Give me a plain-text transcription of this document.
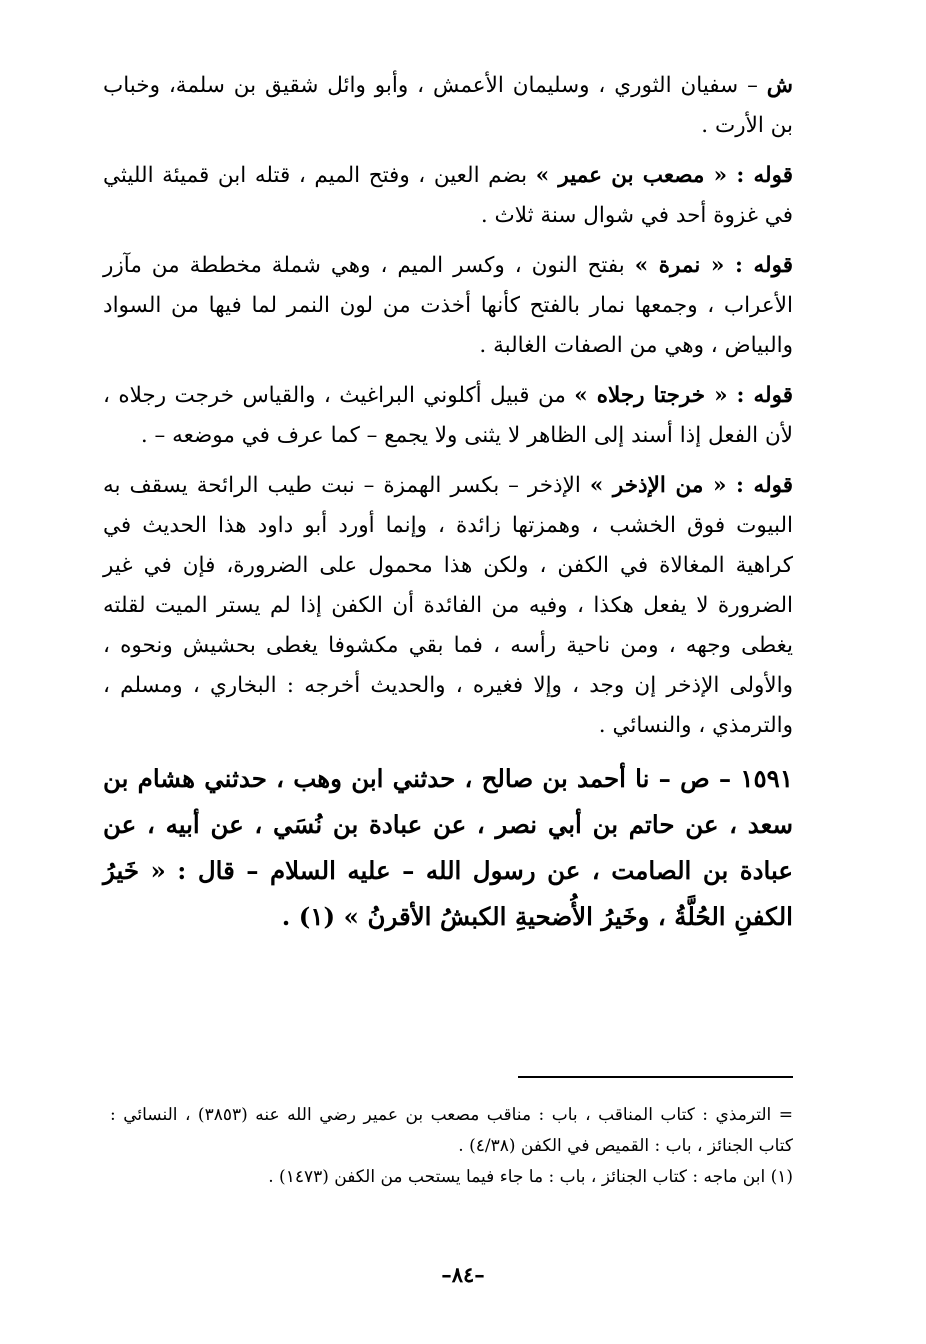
ش – سفيان الثوري ، وسليمان الأعمش ، وأبو وائل شقيق بن سلمة، وخباب بن الأرت .

قوله : « مصعب بن عمير » بضم العين ، وفتح الميم ، قتله ابن قميئة الليثي في غزوة أحد في شوال سنة ثلاث .

قوله : « نمرة » بفتح النون ، وكسر الميم ، وهي شملة مخططة من مآزر الأعراب ، وجمعها نمار بالفتح كأنها أخذت من لون النمر لما فيها من السواد والبياض ، وهي من الصفات الغالبة .

قوله : « خرجتا رجلاه » من قبيل أكلوني البراغيث ، والقياس خرجت رجلاه ، لأن الفعل إذا أسند إلى الظاهر لا يثنى ولا يجمع – كما عرف في موضعه – .

قوله : « من الإذخر » الإذخر – بكسر الهمزة – نبت طيب الرائحة يسقف به البيوت فوق الخشب ، وهمزتها زائدة ، وإنما أورد أبو داود هذا الحديث في كراهية المغالاة في الكفن ، ولكن هذا محمول على الضرورة، فإن في غير الضرورة لا يفعل هكذا ، وفيه من الفائدة أن الكفن إذا لم يستر الميت لقلته يغطى وجهه ، ومن ناحية رأسه ، فما بقي مكشوفا يغطى بحشيش ونحوه ، والأولى الإذخر إن وجد ، وإلا فغيره ، والحديث أخرجه : البخاري ، ومسلم ، والترمذي ، والنسائي .

١٥٩١ – ص – نا أحمد بن صالح ، حدثني ابن وهب ، حدثني هشام بن سعد ، عن حاتم بن أبي نصر ، عن عبادة بن نُسَي ، عن أبيه ، عن عبادة بن الصامت ، عن رسول الله – عليه السلام – قال : « خَيرُ الكفنِ الحُلَّةُ ، وخَيرُ الأُضحيةِ الكبشُ الأقرنُ » (١) .

= الترمذي : كتاب المناقب ، باب : مناقب مصعب بن عمير رضي الله عنه (٣٨٥٣) ، النسائي : كتاب الجنائز ، باب : القميص في الكفن (٤/٣٨) .

(١) ابن ماجه : كتاب الجنائز ، باب : ما جاء فيما يستحب من الكفن (١٤٧٣) .

–٨٤–
